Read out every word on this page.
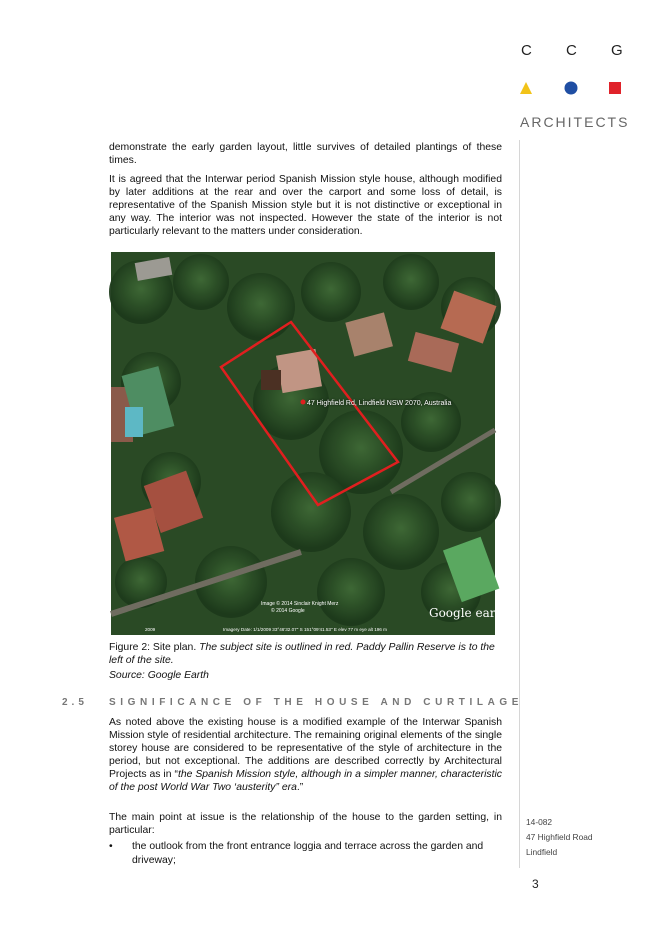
C C G
ARCHITECTS

demonstrate the early garden layout, little survives of detailed plantings of these times.

It is agreed that the Interwar period Spanish Mission style house, although modified by later additions at the rear and over the carport and some loss of detail, is representative of the Spanish Mission style but it is not distinctive or exceptional in any way. The interior was not inspected. However the state of the interior is not particularly relevant to the matters under consideration.

47 Highfield Rd, Lindfield NSW 2070, Australia
Image © 2014 Sinclair Knight Merz
© 2014 Google
Imagery Date: 1/1/2009 33°46'32.07" S 151°09'41.53" E elev 77 m eye alt 196 m
2009
Google earth
Figure 2: Site plan. The subject site is outlined in red. Paddy Pallin Reserve is to the left of the site.
Source: Google Earth
2.5 SIGNIFICANCE OF THE HOUSE AND CURTILAGE

As noted above the existing house is a modified example of the Interwar Spanish Mission style of residential architecture. The remaining original elements of the single storey house are considered to be representative of the style of architecture in the period, but not exceptional. The additions are described correctly by Architectural Projects as in “the Spanish Mission style, although in a simpler manner, characteristic of the post World War Two ‘austerity” era.”

The main point at issue is the relationship of the house to the garden setting, in particular:

• the outlook from the front entrance loggia and terrace across the garden and driveway;
14-082
47 Highfield Road
Lindfield
3
